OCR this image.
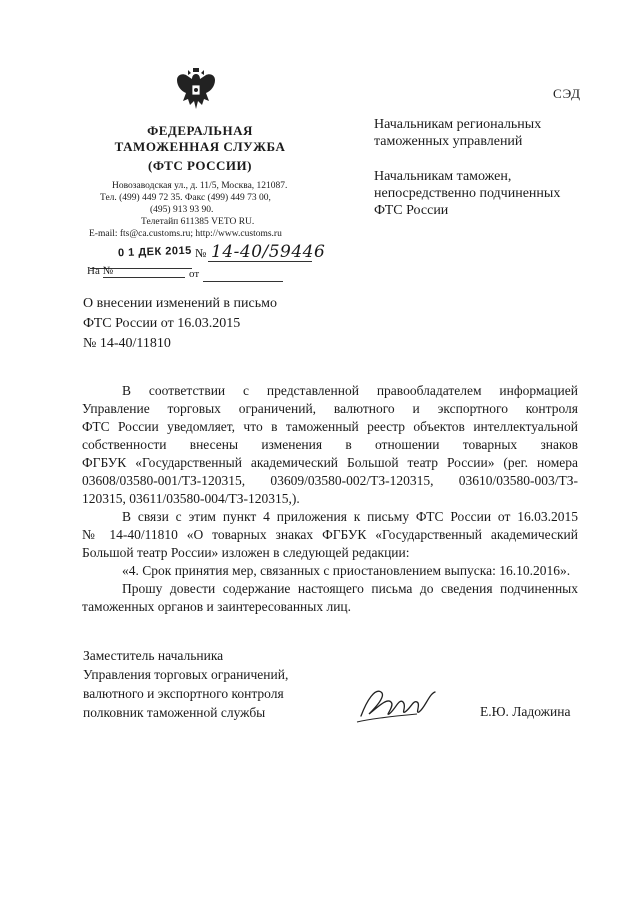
ФЕДЕРАЛЬНАЯ
ТАМОЖЕННАЯ СЛУЖБА
(ФТС РОССИИ)
Новозаводская ул., д. 11/5, Москва, 121087.
Тел. (499) 449 72 35. Факс (499) 449 73 00,
(495) 913 93 90.
Телетайп 611385 VETO RU.
E-mail: fts@ca.customs.ru; http://www.customs.ru
0 1 ДЕК 2015 № 14-40/59446
На №	от
О внесении изменений в письмо
ФТС России от 16.03.2015
№ 14-40/11810
СЭД
Начальникам региональных
таможенных управлений
Начальникам таможен,
непосредственно подчиненных
ФТС России
В соответствии с представленной правообладателем информацией
Управление торговых ограничений, валютного и экспортного контроля
ФТС России уведомляет, что в таможенный реестр объектов интеллектуальной
собственности внесены изменения в отношении товарных знаков
ФГБУК «Государственный академический Большой театр России» (рег. номера
03608/03580-001/ТЗ-120315, 03609/03580-002/ТЗ-120315, 03610/03580-003/ТЗ-
120315, 03611/03580-004/ТЗ-120315,).
В связи с этим пункт 4 приложения к письму ФТС России от 16.03.2015
№ 14-40/11810 «О товарных знаках ФГБУК «Государственный академический
Большой театр России» изложен в следующей редакции:
«4. Срок принятия мер, связанных с приостановлением выпуска: 16.10.2016».
Прошу довести содержание настоящего письма до сведения подчиненных
таможенных органов и заинтересованных лиц.
Заместитель начальника
Управления торговых ограничений,
валютного и экспортного контроля
полковник таможенной службы	Е.Ю. Ладожина
